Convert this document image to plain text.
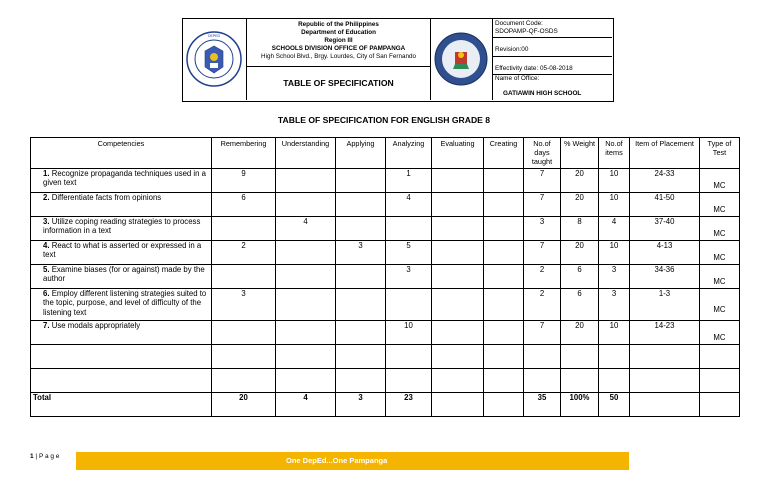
DEPED
Republic of the Philippines
Department of Education
Region III
SCHOOLS DIVISION OFFICE OF PAMPANGA
High School Blvd., Brgy. Lourdes, City of San Fernando
TABLE OF SPECIFICATION
Document Code:
SDOPAMP-QF-OSDS
Revision:00
Effectivity date: 05-08-2018
Name of Office:
GATIAWIN HIGH SCHOOL
TABLE OF SPECIFICATION FOR ENGLISH GRADE 8
Competencies	Remembering	Understanding	Applying	Analyzing	Evaluating	Creating	No.of days taught	% Weight	No.of items	Item of Placement	Type of Test
1. Recognize propaganda techniques used in a given text	9			1			7	20	10	24-33	MC
2. Differentiate facts from opinions	6			4			7	20	10	41-50	MC
3. Utilize coping reading strategies to process information in a text		4					3	8	4	37-40	MC
4. React to what is asserted or expressed in a text	2		3	5			7	20	10	4-13	MC
5. Examine biases (for or against) made by the author				3			2	6	3	34-36	MC
6. Employ different listening strategies suited to the topic, purpose, and level of difficulty of the listening text	3						2	6	3	1-3	MC
7. Use modals appropriately				10			7	20	10	14-23	MC

Total	20	4	3	23			35	100%	50		
1 | P a g e	One DepEd...One Pampanga
